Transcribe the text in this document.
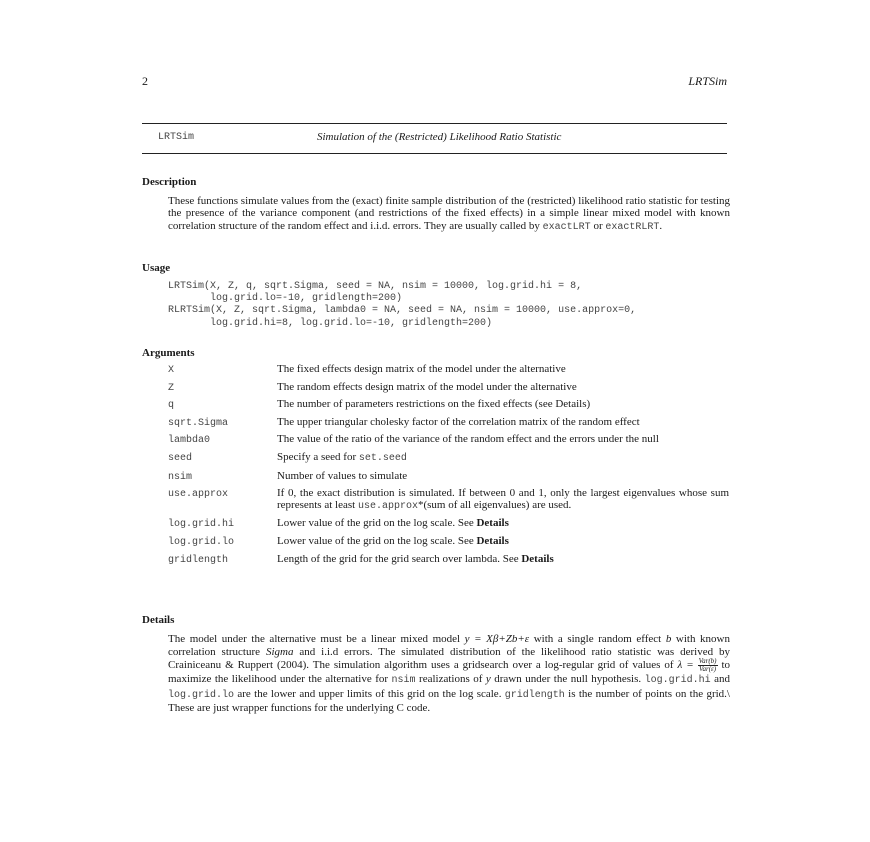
2	LRTSim
LRTSim	Simulation of the (Restricted) Likelihood Ratio Statistic
Description
These functions simulate values from the (exact) finite sample distribution of the (restricted) likelihood ratio statistic for testing the presence of the variance component (and restrictions of the fixed effects) in a simple linear mixed model with known correlation structure of the random effect and i.i.d. errors. They are usually called by exactLRT or exactRLRT.
Usage
LRTSim(X, Z, q, sqrt.Sigma, seed = NA, nsim = 10000, log.grid.hi = 8,
log.grid.lo=-10, gridlength=200)
RLRTSim(X, Z, sqrt.Sigma, lambda0 = NA, seed = NA, nsim = 10000, use.approx=0,
log.grid.hi=8, log.grid.lo=-10, gridlength=200)
Arguments
X	The fixed effects design matrix of the model under the alternative
Z	The random effects design matrix of the model under the alternative
q	The number of parameters restrictions on the fixed effects (see Details)
sqrt.Sigma	The upper triangular cholesky factor of the correlation matrix of the random effect
lambda0	The value of the ratio of the variance of the random effect and the errors under the null
seed	Specify a seed for set.seed
nsim	Number of values to simulate
use.approx	If 0, the exact distribution is simulated. If between 0 and 1, only the largest eigenvalues whose sum represents at least use.approx*(sum of all eigenvalues) are used.
log.grid.hi	Lower value of the grid on the log scale. See Details
log.grid.lo	Lower value of the grid on the log scale. See Details
gridlength	Length of the grid for the grid search over lambda. See Details
Details
The model under the alternative must be a linear mixed model y = Xβ+Zb+ε with a single random effect b with known correlation structure Sigma and i.i.d errors. The simulated distribution of the likelihood ratio statistic was derived by Crainiceanu & Ruppert (2004). The simulation algorithm uses a gridsearch over a log-regular grid of values of $\lambda = \frac{\text{Var(b)}}{\text{Var(ε)}}$ to maximize the likelihood under the alternative for nsim realizations of y drawn under the null hypothesis. log.grid.hi and log.grid.lo are the lower and upper limits of this grid on the log scale. gridlength is the number of points on the grid.\ These are just wrapper functions for the underlying C code.
